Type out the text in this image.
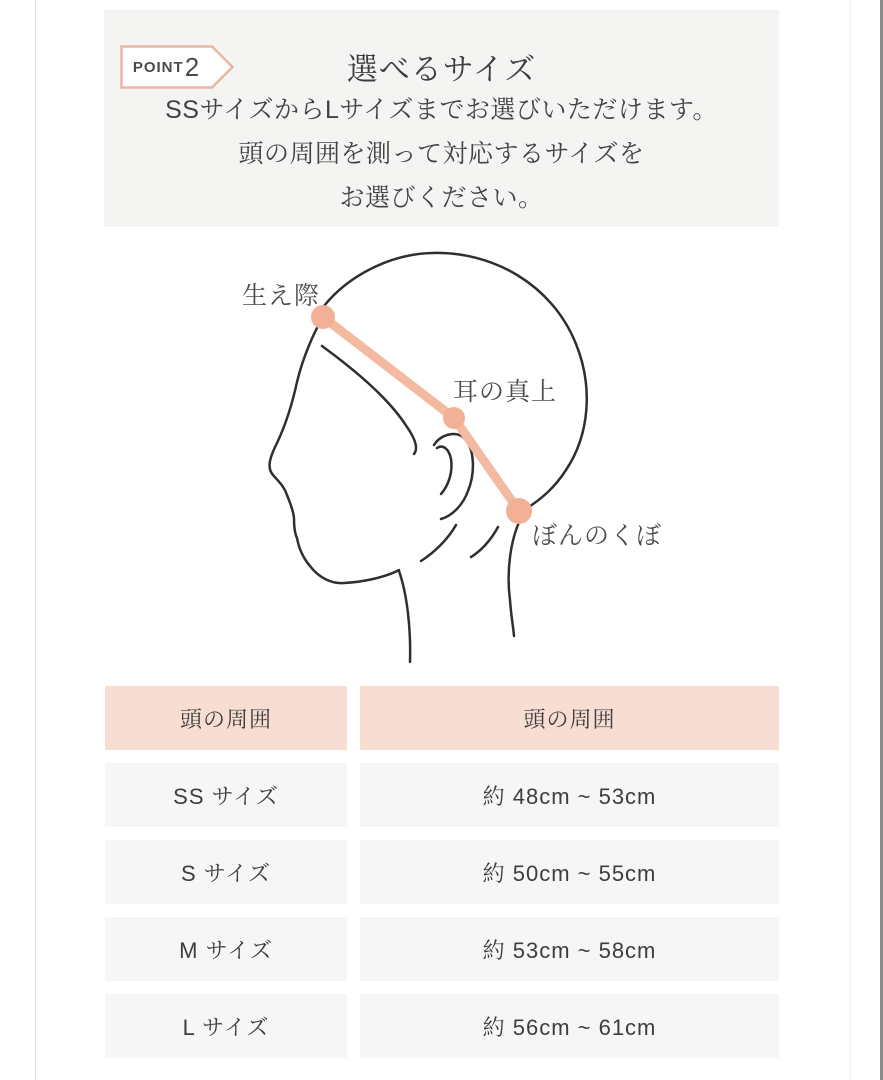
POINT 2	選べるサイズ

SSサイズからLサイズまでお選びいただけます。
頭の周囲を測って対応するサイズを
お選びください。

生え際
耳の真上
ぼんのくぼ
頭の周囲	頭の周囲
SS サイズ	約 48cm ~ 53cm
S サイズ	約 50cm ~ 55cm
M サイズ	約 53cm ~ 58cm
L サイズ	約 56cm ~ 61cm
